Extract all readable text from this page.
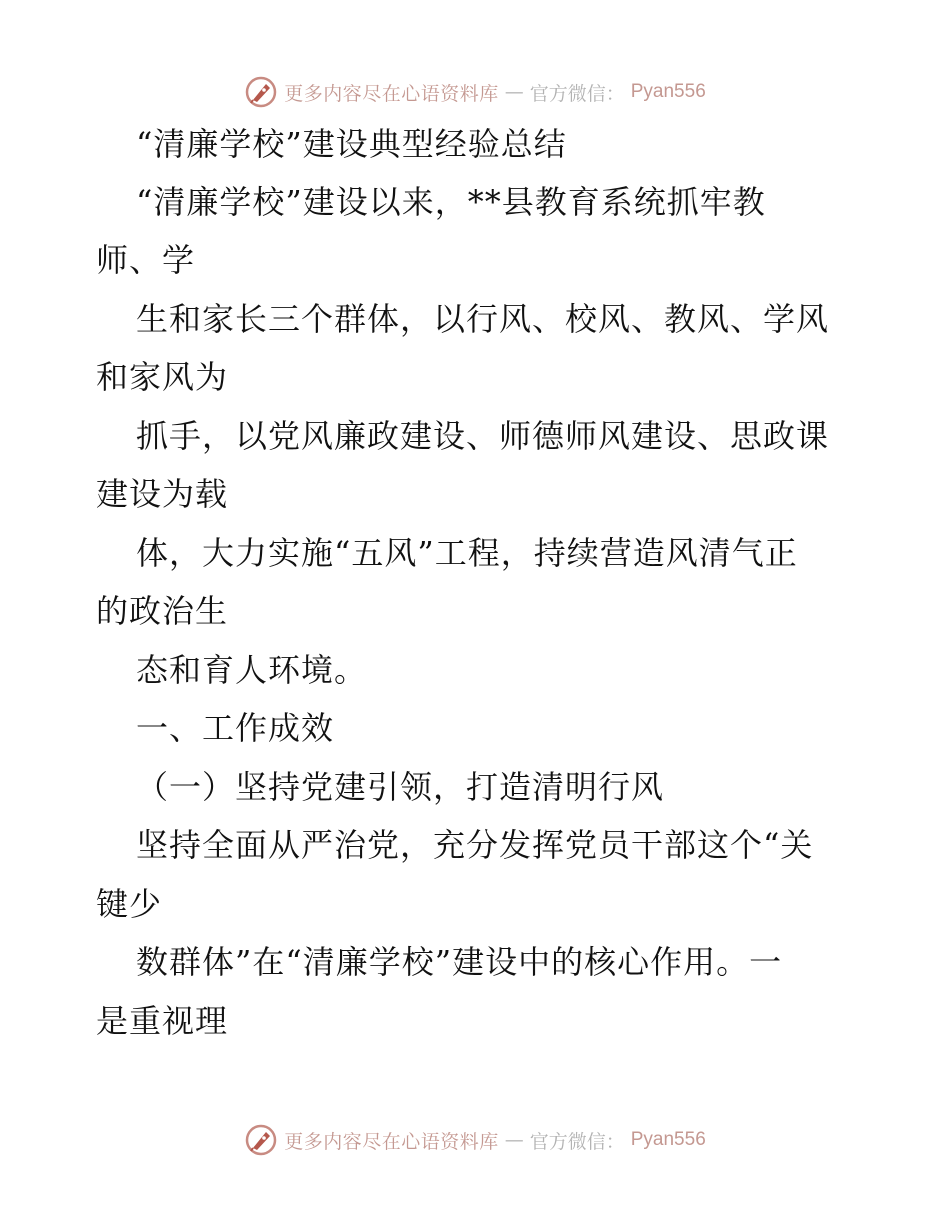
更多内容尽在心语资料库 — 官方微信： Pyan556
“清廉学校”建设典型经验总结
“清廉学校”建设以来，**县教育系统抓牢教
师、学
生和家长三个群体，以行风、校风、教风、学风
和家风为
抓手，以党风廉政建设、师德师风建设、思政课
建设为载
体，大力实施“五风”工程，持续营造风清气正
的政治生
态和育人环境。
一、工作成效
（一）坚持党建引领，打造清明行风
坚持全面从严治党，充分发挥党员干部这个“关
键少
数群体”在“清廉学校”建设中的核心作用。一
是重视理
更多内容尽在心语资料库 — 官方微信： Pyan556
